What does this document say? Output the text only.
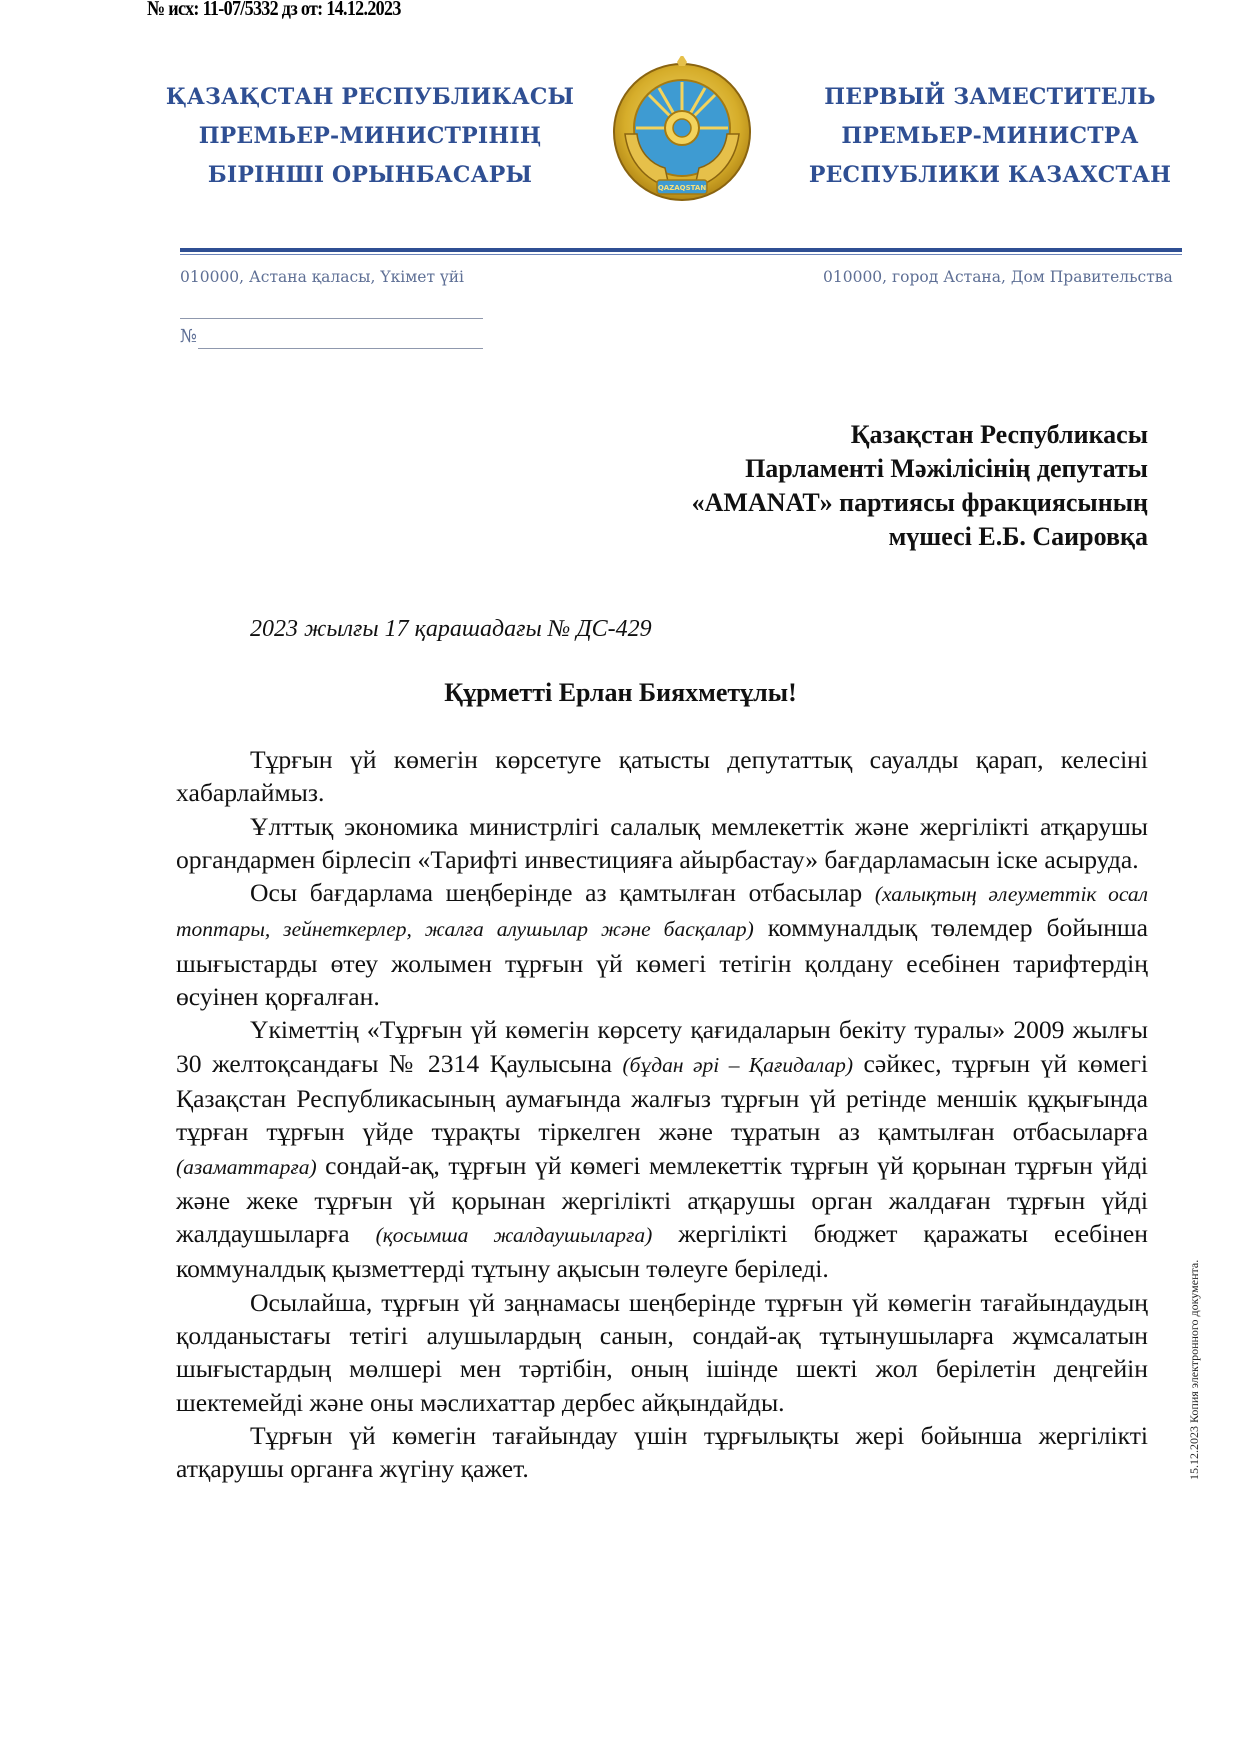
№ исх: 11-07/5332 дз от: 14.12.2023
ҚАЗАҚСТАН РЕСПУБЛИКАСЫ
ПРЕМЬЕР-МИНИСТРІНІҢ
БІРІНШІ ОРЫНБАСАРЫ	QAZAQSTAN
ПЕРВЫЙ ЗАМЕСТИТЕЛЬ
ПРЕМЬЕР-МИНИСТРА
РЕСПУБЛИКИ КАЗАХСТАН
010000, Астана қаласы, Үкімет үйі	010000, город Астана, Дом Правительства
№
Қазақстан Республикасы
Парламенті Мәжілісінің депутаты
«AMANAT» партиясы фракциясының
мүшесі Е.Б. Саировқа
2023 жылғы 17 қарашадағы № ДС-429
Құрметті Ерлан Бияхметұлы!

Тұрғын үй көмегін көрсетуге қатысты депутаттық сауалды қарап, келесіні хабарлаймыз.

Ұлттық экономика министрлігі салалық мемлекеттік және жергілікті атқарушы органдармен бірлесіп «Тарифті инвестицияға айырбастау» бағдарламасын іске асыруда.

Осы бағдарлама шеңберінде аз қамтылған отбасылар (халықтың әлеуметтік осал топтары, зейнеткерлер, жалға алушылар және басқалар) коммуналдық төлемдер бойынша шығыстарды өтеу жолымен тұрғын үй көмегі тетігін қолдану есебінен тарифтердің өсуінен қорғалған.

Үкіметтің «Тұрғын үй көмегін көрсету қағидаларын бекіту туралы» 2009 жылғы 30 желтоқсандағы № 2314 Қаулысына (бұдан әрі – Қағидалар) сәйкес, тұрғын үй көмегі Қазақстан Республикасының аумағында жалғыз тұрғын үй ретінде меншік құқығында тұрған тұрғын үйде тұрақты тіркелген және тұратын аз қамтылған отбасыларға (азаматтарға) сондай-ақ, тұрғын үй көмегі мемлекеттік тұрғын үй қорынан тұрғын үйді және жеке тұрғын үй қорынан жергілікті атқарушы орган жалдаған тұрғын үйді жалдаушыларға (қосымша жалдаушыларға) жергілікті бюджет қаражаты есебінен коммуналдық қызметтерді тұтыну ақысын төлеуге беріледі.

Осылайша, тұрғын үй заңнамасы шеңберінде тұрғын үй көмегін тағайындаудың қолданыстағы тетігі алушылардың санын, сондай-ақ тұтынушыларға жұмсалатын шығыстардың мөлшері мен тәртібін, оның ішінде шекті жол берілетін деңгейін шектемейді және оны мәслихаттар дербес айқындайды.

Тұрғын үй көмегін тағайындау үшін тұрғылықты жері бойынша жергілікті атқарушы органға жүгіну қажет.	15.12.2023 Копия электронного документа.
